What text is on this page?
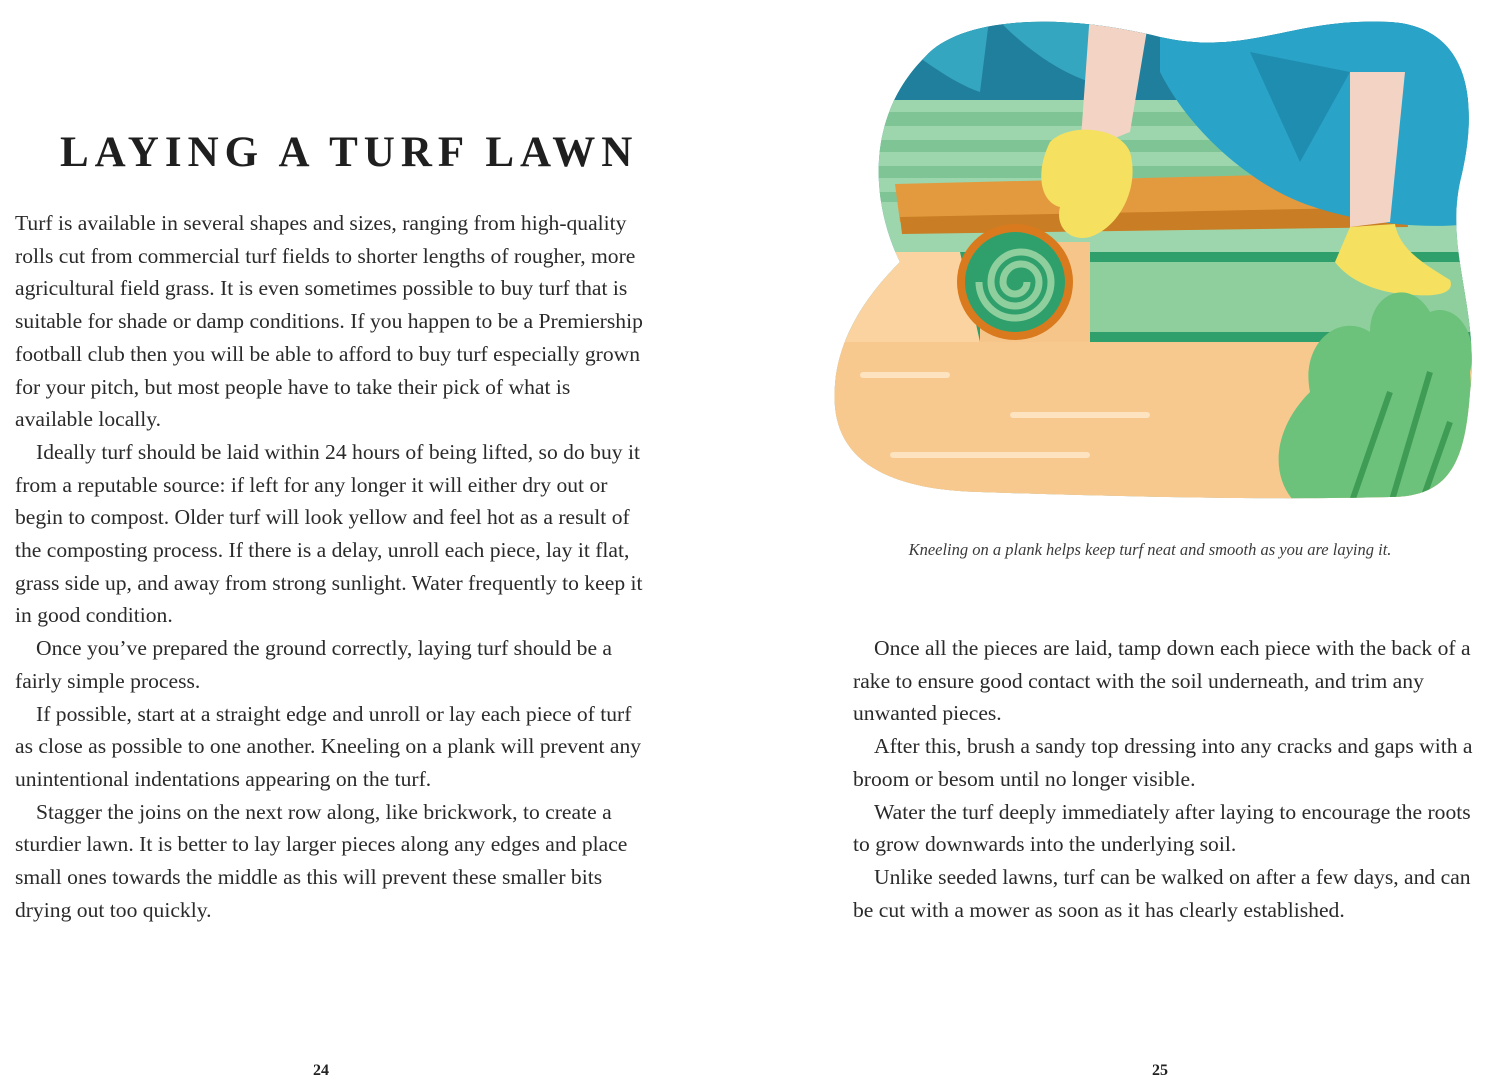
LAYING A TURF LAWN

Turf is available in several shapes and sizes, ranging from high-quality rolls cut from commercial turf fields to shorter lengths of rougher, more agricultural field grass. It is even sometimes possible to buy turf that is suitable for shade or damp conditions. If you happen to be a Premiership football club then you will be able to afford to buy turf especially grown for your pitch, but most people have to take their pick of what is available locally.

Ideally turf should be laid within 24 hours of being lifted, so do buy it from a reputable source: if left for any longer it will either dry out or begin to compost. Older turf will look yellow and feel hot as a result of the composting process. If there is a delay, unroll each piece, lay it flat, grass side up, and away from strong sunlight. Water frequently to keep it in good condition.

Once you’ve prepared the ground correctly, laying turf should be a fairly simple process.

If possible, start at a straight edge and unroll or lay each piece of turf as close as possible to one another. Kneeling on a plank will prevent any unintentional indentations appearing on the turf.

Stagger the joins on the next row along, like brickwork, to create a sturdier lawn. It is better to lay larger pieces along any edges and place small ones towards the middle as this will prevent these smaller bits drying out too quickly.

24
Kneeling on a plank helps keep turf neat and smooth as you are laying it.

Once all the pieces are laid, tamp down each piece with the back of a rake to ensure good contact with the soil underneath, and trim any unwanted pieces.

After this, brush a sandy top dressing into any cracks and gaps with a broom or besom until no longer visible.

Water the turf deeply immediately after laying to encourage the roots to grow downwards into the underlying soil.

Unlike seeded lawns, turf can be walked on after a few days, and can be cut with a mower as soon as it has clearly established.

25
